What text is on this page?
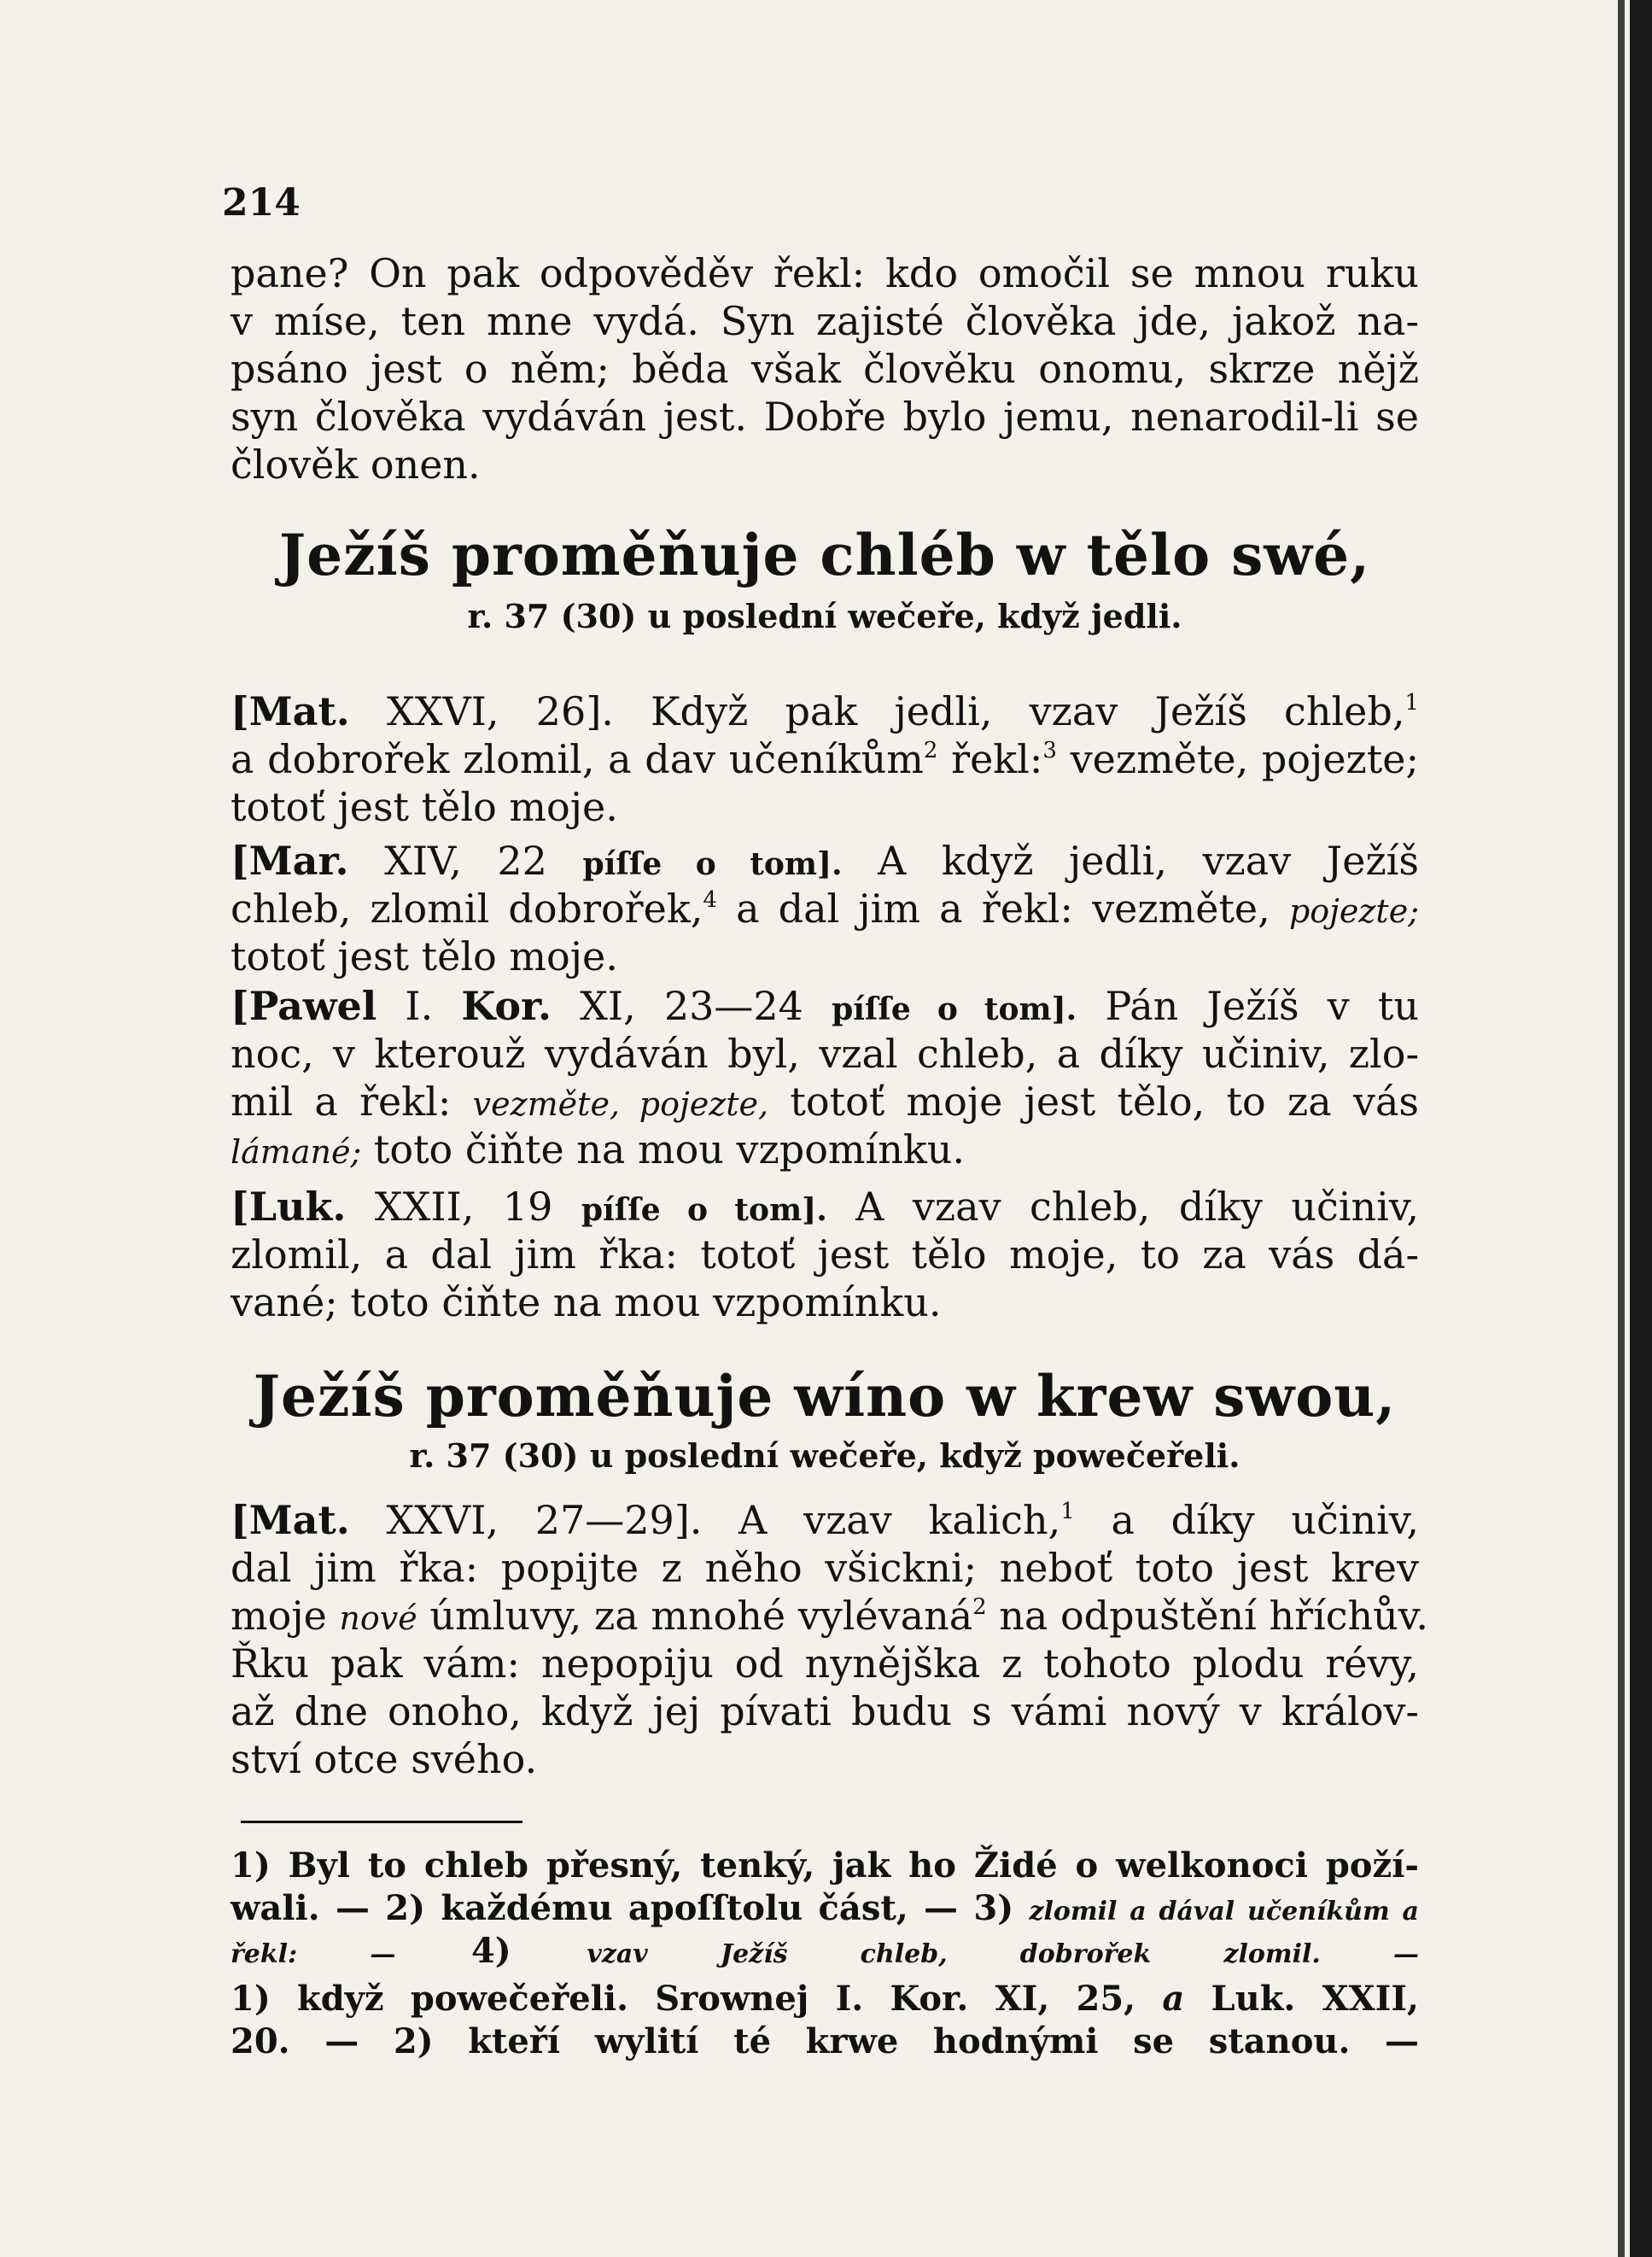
214
pane? On pak odpověděv řekl: kdo omočil se mnou ruku
v míse, ten mne vydá. Syn zajisté člověka jde, jakož na-
psáno jest o něm; běda však člověku onomu, skrze nějž
syn člověka vydáván jest. Dobře bylo jemu, nenarodil-li se
člověk onen.
Ježíš proměňuje chléb w tělo swé,
r. 37 (30) u poslední wečeře, když jedli.
[Mat. XXVI, 26]. Když pak jedli, vzav Ježíš chleb,$^1$
a dobrořek zlomil, a dav učeníkům$^2$ řekl:$^3$ vezměte, pojezte;
totoť jest tělo moje.
[Mar. XIV, 22 píſſe o tom]. A když jedli, vzav Ježíš
chleb, zlomil dobrořek,$^4$ a dal jim a řekl: vezměte, pojezte;
totoť jest tělo moje.
[Pawel I. Kor. XI, 23—24 píſſe o tom]. Pán Ježíš v tu
noc, v kterouž vydáván byl, vzal chleb, a díky učiniv, zlo-
mil a řekl: vezměte, pojezte, totoť moje jest tělo, to za vás
lámané; toto čiňte na mou vzpomínku.
[Luk. XXII, 19 píſſe o tom]. A vzav chleb, díky učiniv,
zlomil, a dal jim řka: totoť jest tělo moje, to za vás dá-
vané; toto čiňte na mou vzpomínku.
Ježíš proměňuje wíno w krew swou,
r. 37 (30) u poslední wečeře, když powečeřeli.
[Mat. XXVI, 27—29]. A vzav kalich,$^1$ a díky učiniv,
dal jim řka: popijte z něho všickni; neboť toto jest krev
moje nové úmluvy, za mnohé vylévaná$^2$ na odpuštění hříchův.
Řku pak vám: nepopiju od nynějška z tohoto plodu révy,
až dne onoho, když jej pívati budu s vámi nový v králov-
ství otce svého.
1) Byl to chleb přesný, tenký, jak ho Židé o welkonoci poží-
wali. — 2) každému apoſſtolu část, — 3) zlomil a dával učeníkům a
řekl: — 4) vzav Ježíš chleb, dobrořek zlomil. —
1) když powečeřeli. Srownej I. Kor. XI, 25, a Luk. XXII,
20. — 2) kteří wylití té krwe hodnými se stanou. —
